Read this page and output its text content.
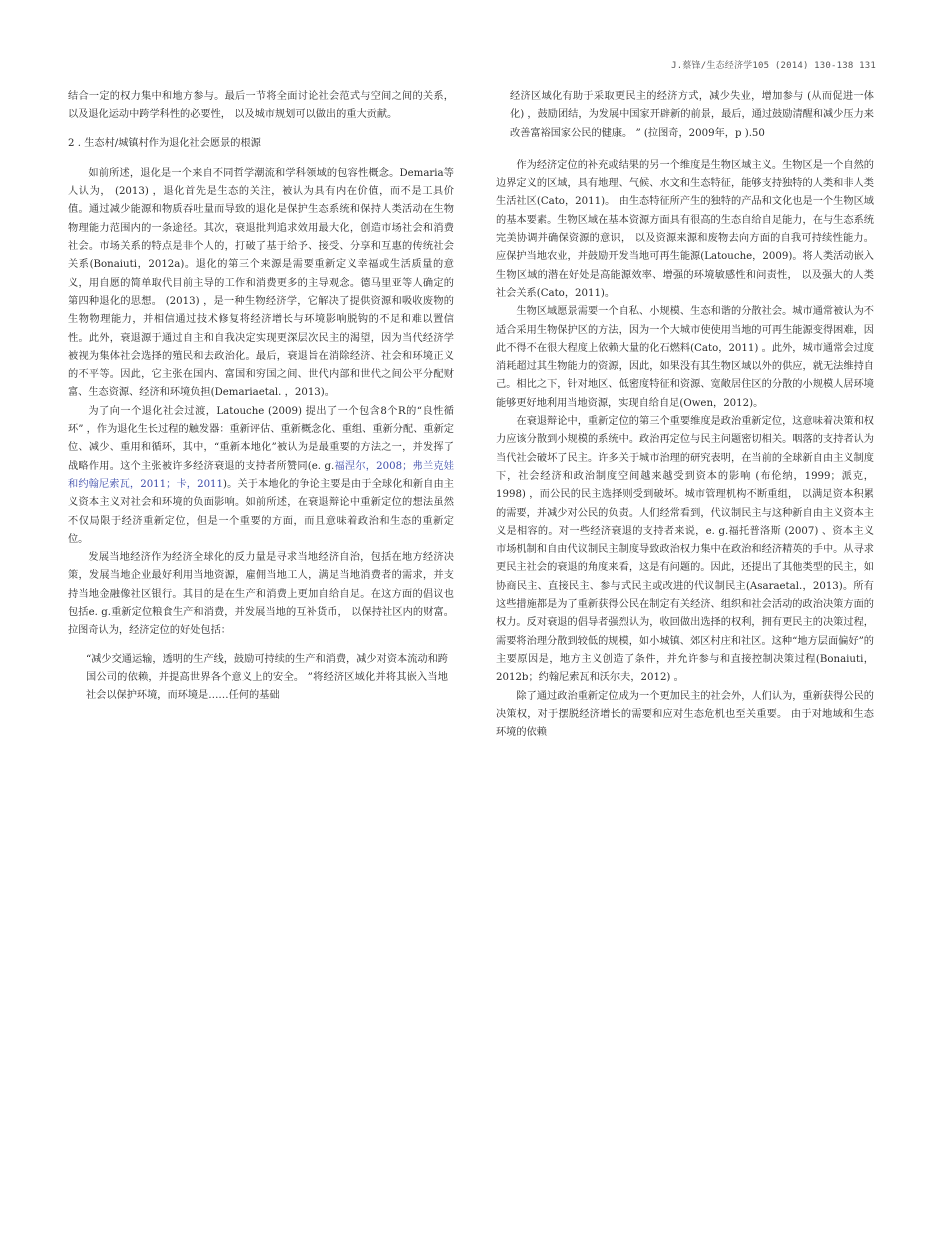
J.蔡锋/生态经济学105 (2014) 130-138 131

结合一定的权力集中和地方参与。最后一节将全面讨论社会范式与空间之间的关系， 以及退化运动中跨学科性的必要性， 以及城市规划可以做出的重大贡献。

2 . 生态村/城镇村作为退化社会愿景的根源

如前所述，退化是一个来自不同哲学潮流和学科领域的包容性概念。Demaria等人认为， (2013) ，退化首先是生态的关注，被认为具有内在价值，而不是工具价值。通过减少能源和物质吞吐量而导致的退化是保护生态系统和保持人类活动在生物物理能力范围内的一条途径。其次，衰退批判追求效用最大化，创造市场社会和消费社会。市场关系的特点是非个人的，打破了基于给予、接受、分享和互惠的传统社会关系(Bonaiuti，2012a)。退化的第三个来源是需要重新定义幸福或生活质量的意义，用自愿的简单取代目前主导的工作和消费更多的主导观念。德马里亚等人确定的第四种退化的思想。 (2013) ，是一种生物经济学，它解决了提供资源和吸收废物的生物物理能力，并相信通过技术修复将经济增长与环境影响脱钩的不足和难以置信性。此外，衰退源于通过自主和自我决定实现更深层次民主的渴望，因为当代经济学被视为集体社会选择的殖民和去政治化。最后，衰退旨在消除经济、社会和环境正义的不平等。因此，它主张在国内、富国和穷国之间、世代内部和世代之间公平分配财富、生态资源、经济和环境负担(Demariaetal. ，2013)。

为了向一个退化社会过渡，Latouche (2009) 提出了一个包含8个R的“良性循环” ，作为退化生长过程的触发器：重新评估、重新概念化、重组、重新分配、重新定位、减少、重用和循环，其中，“重新本地化”被认为是最重要的方法之一，并发挥了战略作用。这个主张被许多经济衰退的支持者所赞同(e. g.福涅尔，2008；弗兰克娃和约翰尼索瓦，2011；卡，2011)。关于本地化的争论主要是由于全球化和新自由主义资本主义对社会和环境的负面影响。如前所述，在衰退辩论中重新定位的想法虽然不仅局限于经济重新定位，但是一个重要的方面，而且意味着政治和生态的重新定位。

发展当地经济作为经济全球化的反力量是寻求当地经济自治，包括在地方经济决策，发展当地企业最好利用当地资源，雇佣当地工人，满足当地消费者的需求，并支持当地金融像社区银行。其目的是在生产和消费上更加自给自足。在这方面的倡议也包括e. g.重新定位粮食生产和消费，并发展当地的互补货币， 以保持社区内的财富。拉图奇认为，经济定位的好处包括：

“减少交通运输，透明的生产线，鼓励可持续的生产和消费，减少对资本流动和跨国公司的依赖，并提高世界各个意义上的安全。 ”将经济区域化并将其嵌入当地社会以保护环境，而环境是……任何的基础

经济区域化有助于采取更民主的经济方式，减少失业，增加参与 (从而促进一体化) ，鼓励团结，为发展中国家开辟新的前景，最后，通过鼓励清醒和减少压力来改善富裕国家公民的健康。 ” (拉图奇，2009年，p ).50

作为经济定位的补充或结果的另一个维度是生物区域主义。生物区是一个自然的边界定义的区域，具有地理、气候、水文和生态特征，能够支持独特的人类和非人类生活社区(Cato，2011)。 由生态特征所产生的独特的产品和文化也是一个生物区域的基本要素。生物区域在基本资源方面具有很高的生态自给自足能力，在与生态系统完美协调并确保资源的意识， 以及资源来源和废物去向方面的自我可持续性能力。应保护当地农业，并鼓励开发当地可再生能源(Latouche，2009)。将人类活动嵌入生物区域的潜在好处是高能源效率、增强的环境敏感性和问责性， 以及强大的人类社会关系(Cato，2011)。

生物区域愿景需要一个自私、小规模、生态和谐的分散社会。城市通常被认为不适合采用生物保护区的方法，因为一个大城市使使用当地的可再生能源变得困难，因此不得不在很大程度上依赖大量的化石燃料(Cato，2011) 。此外，城市通常会过度消耗超过其生物能力的资源，因此，如果没有其生物区域以外的供应，就无法维持自己。相比之下，针对地区、低密度特征和资源、宽敞居住区的分散的小规模人居环境能够更好地利用当地资源，实现自给自足(Owen，2012)。

在衰退辩论中，重新定位的第三个重要维度是政治重新定位，这意味着决策和权力应该分散到小规模的系统中。政治再定位与民主问题密切相关。咽落的支持者认为当代社会破坏了民主。许多关于城市治理的研究表明，在当前的全球新自由主义制度下，社会经济和政治制度空间越来越受到资本的影响 (布伦纳，1999；派克，1998) ，而公民的民主选择则受到破坏。城市管理机构不断重组， 以满足资本积累的需要，并减少对公民的负责。人们经常看到，代议制民主与这种新自由主义资本主义是相容的。对一些经济衰退的支持者来说，e. g.福托普洛斯 (2007) 、资本主义市场机制和自由代议制民主制度导致政治权力集中在政治和经济精英的手中。从寻求更民主社会的衰退的角度来看，这是有问题的。因此，还提出了其他类型的民主，如协商民主、直接民主、参与式民主或改进的代议制民主(Asaraetal.，2013)。所有这些措施都是为了重新获得公民在制定有关经济、组织和社会活动的政治决策方面的权力。反对衰退的倡导者强烈认为，收回做出选择的权利，拥有更民主的决策过程，需要将治理分散到较低的规模，如小城镇、郊区村庄和社区。这种“地方层面偏好”的主要原因是，地方主义创造了条件，并允许参与和直接控制决策过程(Bonaiuti，2012b；约翰尼索瓦和沃尔夫，2012) 。

除了通过政治重新定位成为一个更加民主的社会外，人们认为，重新获得公民的决策权，对于摆脱经济增长的需要和应对生态危机也至关重要。 由于对地域和生态环境的依赖
